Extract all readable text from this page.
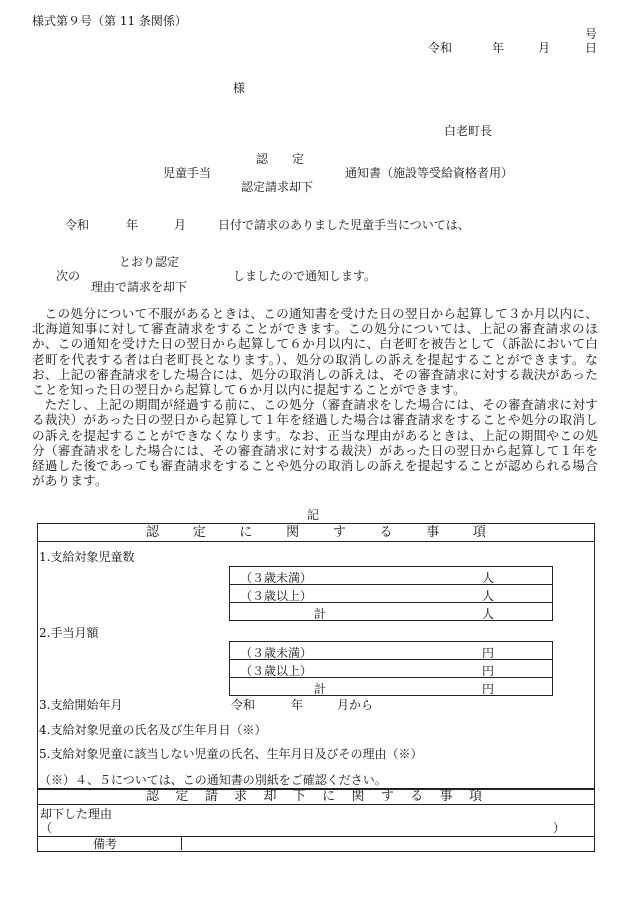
様式第９号（第 11 条関係）
号
令和	年	月	日
様
白老町長
認　　定
児童手当	通知書（施設等受給資格者用）
認定請求却下
令和	年	月	日付で請求のありました児童手当については、
とおり認定
次の	しましたので通知します。
理由で請求を却下

この処分について不服があるときは、この通知書を受けた日の翌日から起算して３か月以内に、北海道知事に対して審査請求をすることができます。この処分については、上記の審査請求のほか、この通知を受けた日の翌日から起算して６か月以内に、白老町を被告として（訴訟において白老町を代表する者は白老町長となります。）、処分の取消しの訴えを提起することができます。なお、上記の審査請求をした場合には、処分の取消しの訴えは、その審査請求に対する裁決があったことを知った日の翌日から起算して６か月以内に提起することができます。

ただし、上記の期間が経過する前に、この処分（審査請求をした場合には、その審査請求に対する裁決）があった日の翌日から起算して１年を経過した場合は審査請求をすることや処分の取消しの訴えを提起することができなくなります。なお、正当な理由があるときは、上記の期間やこの処分（審査請求をした場合には、その審査請求に対する裁決）があった日の翌日から起算して１年を経過した後であっても審査請求をすることや処分の取消しの訴えを提起することが認められる場合があります。

記
認	定	に	関	す	る	事	項
1.支給対象児童数
（３歳未満）	人
（３歳以上）	人
計	人
2.手当月額
（３歳未満）	円
（３歳以上）	円
計	円
3.支給開始年月	令和	年	月から
4.支給対象児童の氏名及び生年月日（※）
5.支給対象児童に該当しない児童の氏名、生年月日及びその理由（※）
（※）４、５については、この通知書の別紙をご確認ください。
認 定 請 求 却 下 に 関 す る 事 項
却下した理由
（	）
備考
